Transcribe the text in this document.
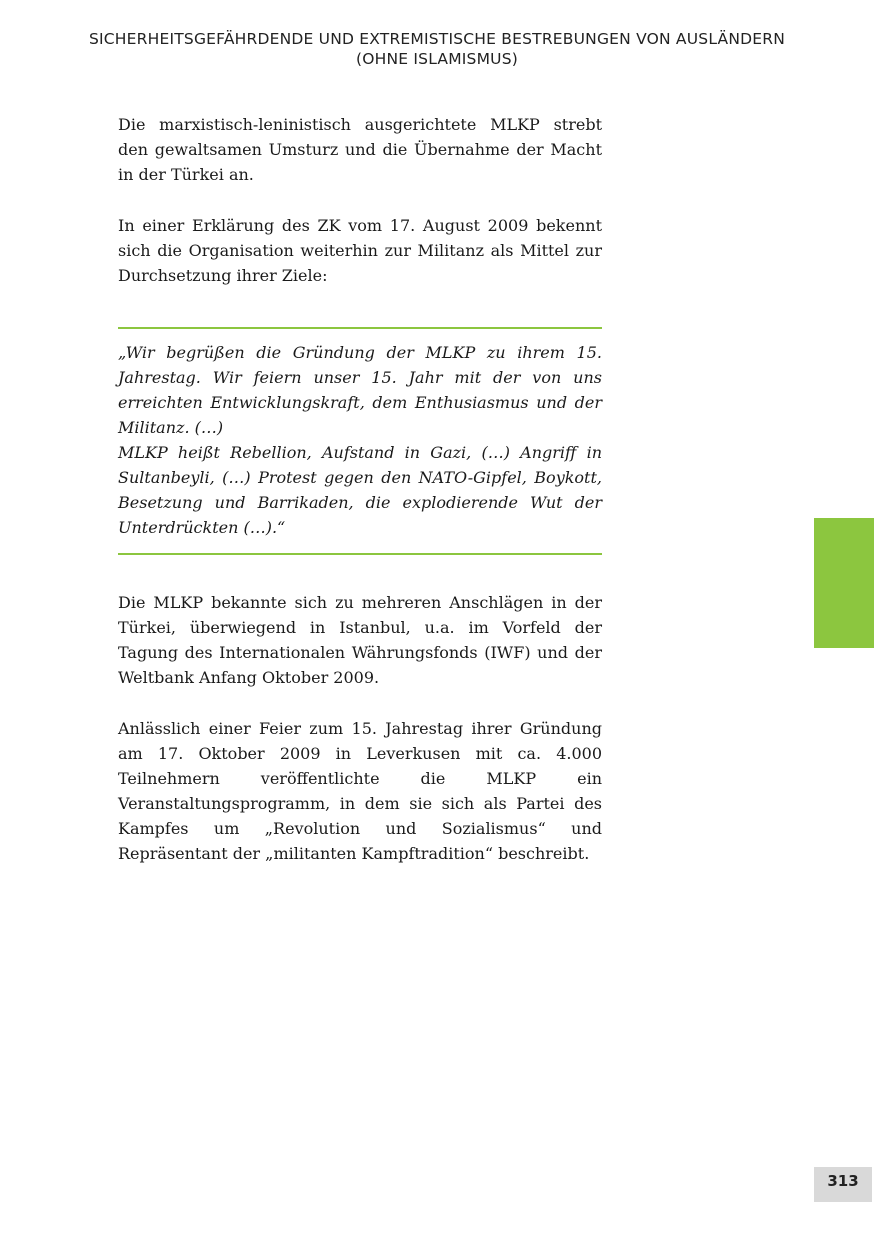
SICHERHEITSGEFÄHRDENDE UND EXTREMISTISCHE BESTREBUNGEN VON AUSLÄNDERN
(OHNE ISLAMISMUS)

Die marxistisch-leninistisch ausgerichtete MLKP strebt den gewaltsamen Umsturz und die Übernahme der Macht in der Türkei an.

In einer Erklärung des ZK vom 17. August 2009 bekennt sich die Organisation weiterhin zur Militanz als Mittel zur Durchsetzung ihrer Ziele:

„Wir begrüßen die Gründung der MLKP zu ihrem 15. Jahrestag. Wir feiern unser 15. Jahr mit der von uns erreichten Entwicklungskraft, dem Enthusiasmus und der Militanz. (…)
MLKP heißt Rebellion, Aufstand in Gazi, (…) Angriff in Sultanbeyli, (…) Protest gegen den NATO-Gipfel, Boykott, Besetzung und Barrikaden, die explodierende Wut der Unterdrückten (…).“

Die MLKP bekannte sich zu mehreren Anschlägen in der Türkei, überwiegend in Istanbul, u.a. im Vorfeld der Tagung des Internationalen Währungsfonds (IWF) und der Weltbank Anfang Oktober 2009.

Anlässlich einer Feier zum 15. Jahrestag ihrer Gründung am 17. Oktober 2009 in Leverkusen mit ca. 4.000 Teilnehmern veröffentlichte die MLKP ein Veranstaltungsprogramm, in dem sie sich als Partei des Kampfes um „Revolution und Sozialismus“ und Repräsentant der „militanten Kampftradition“ beschreibt.

313
